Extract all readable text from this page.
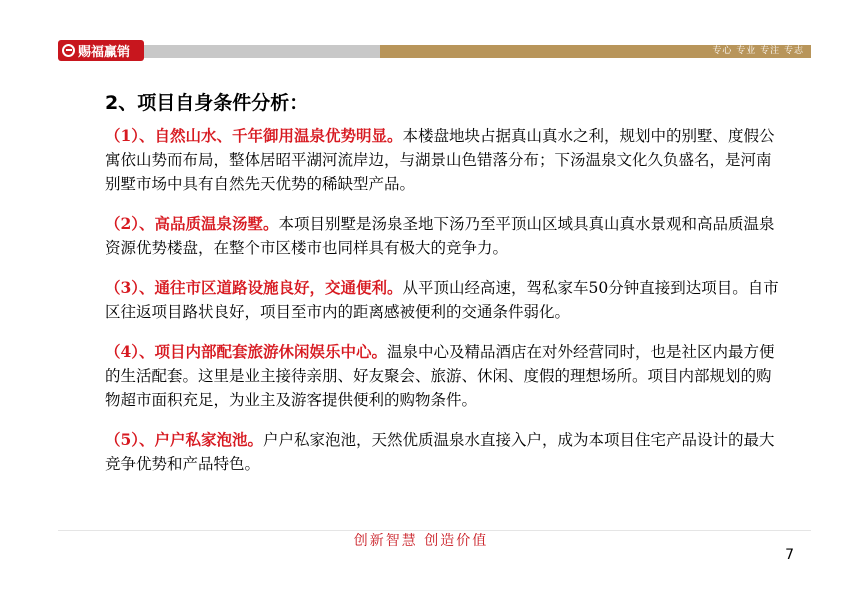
赐福赢销	专心 专业 专注 专志
2、项目自身条件分析：
（1）、自然山水、千年御用温泉优势明显。本楼盘地块占据真山真水之利，规划中的别墅、度假公寓依山势而布局，整体居昭平湖河流岸边，与湖景山色错落分布；下汤温泉文化久负盛名，是河南别墅市场中具有自然先天优势的稀缺型产品。
（2）、高品质温泉汤墅。本项目别墅是汤泉圣地下汤乃至平顶山区域具真山真水景观和高品质温泉资源优势楼盘，在整个市区楼市也同样具有极大的竞争力。
（3）、通往市区道路设施良好，交通便利。从平顶山经高速，驾私家车50分钟直接到达项目。自市区往返项目路状良好，项目至市内的距离感被便利的交通条件弱化。
（4）、项目内部配套旅游休闲娱乐中心。温泉中心及精品酒店在对外经营同时，也是社区内最方便的生活配套。这里是业主接待亲朋、好友聚会、旅游、休闲、度假的理想场所。项目内部规划的购物超市面积充足，为业主及游客提供便利的购物条件。
（5）、户户私家泡池。户户私家泡池，天然优质温泉水直接入户，成为本项目住宅产品设计的最大竞争优势和产品特色。
创新智慧 创造价值
7
